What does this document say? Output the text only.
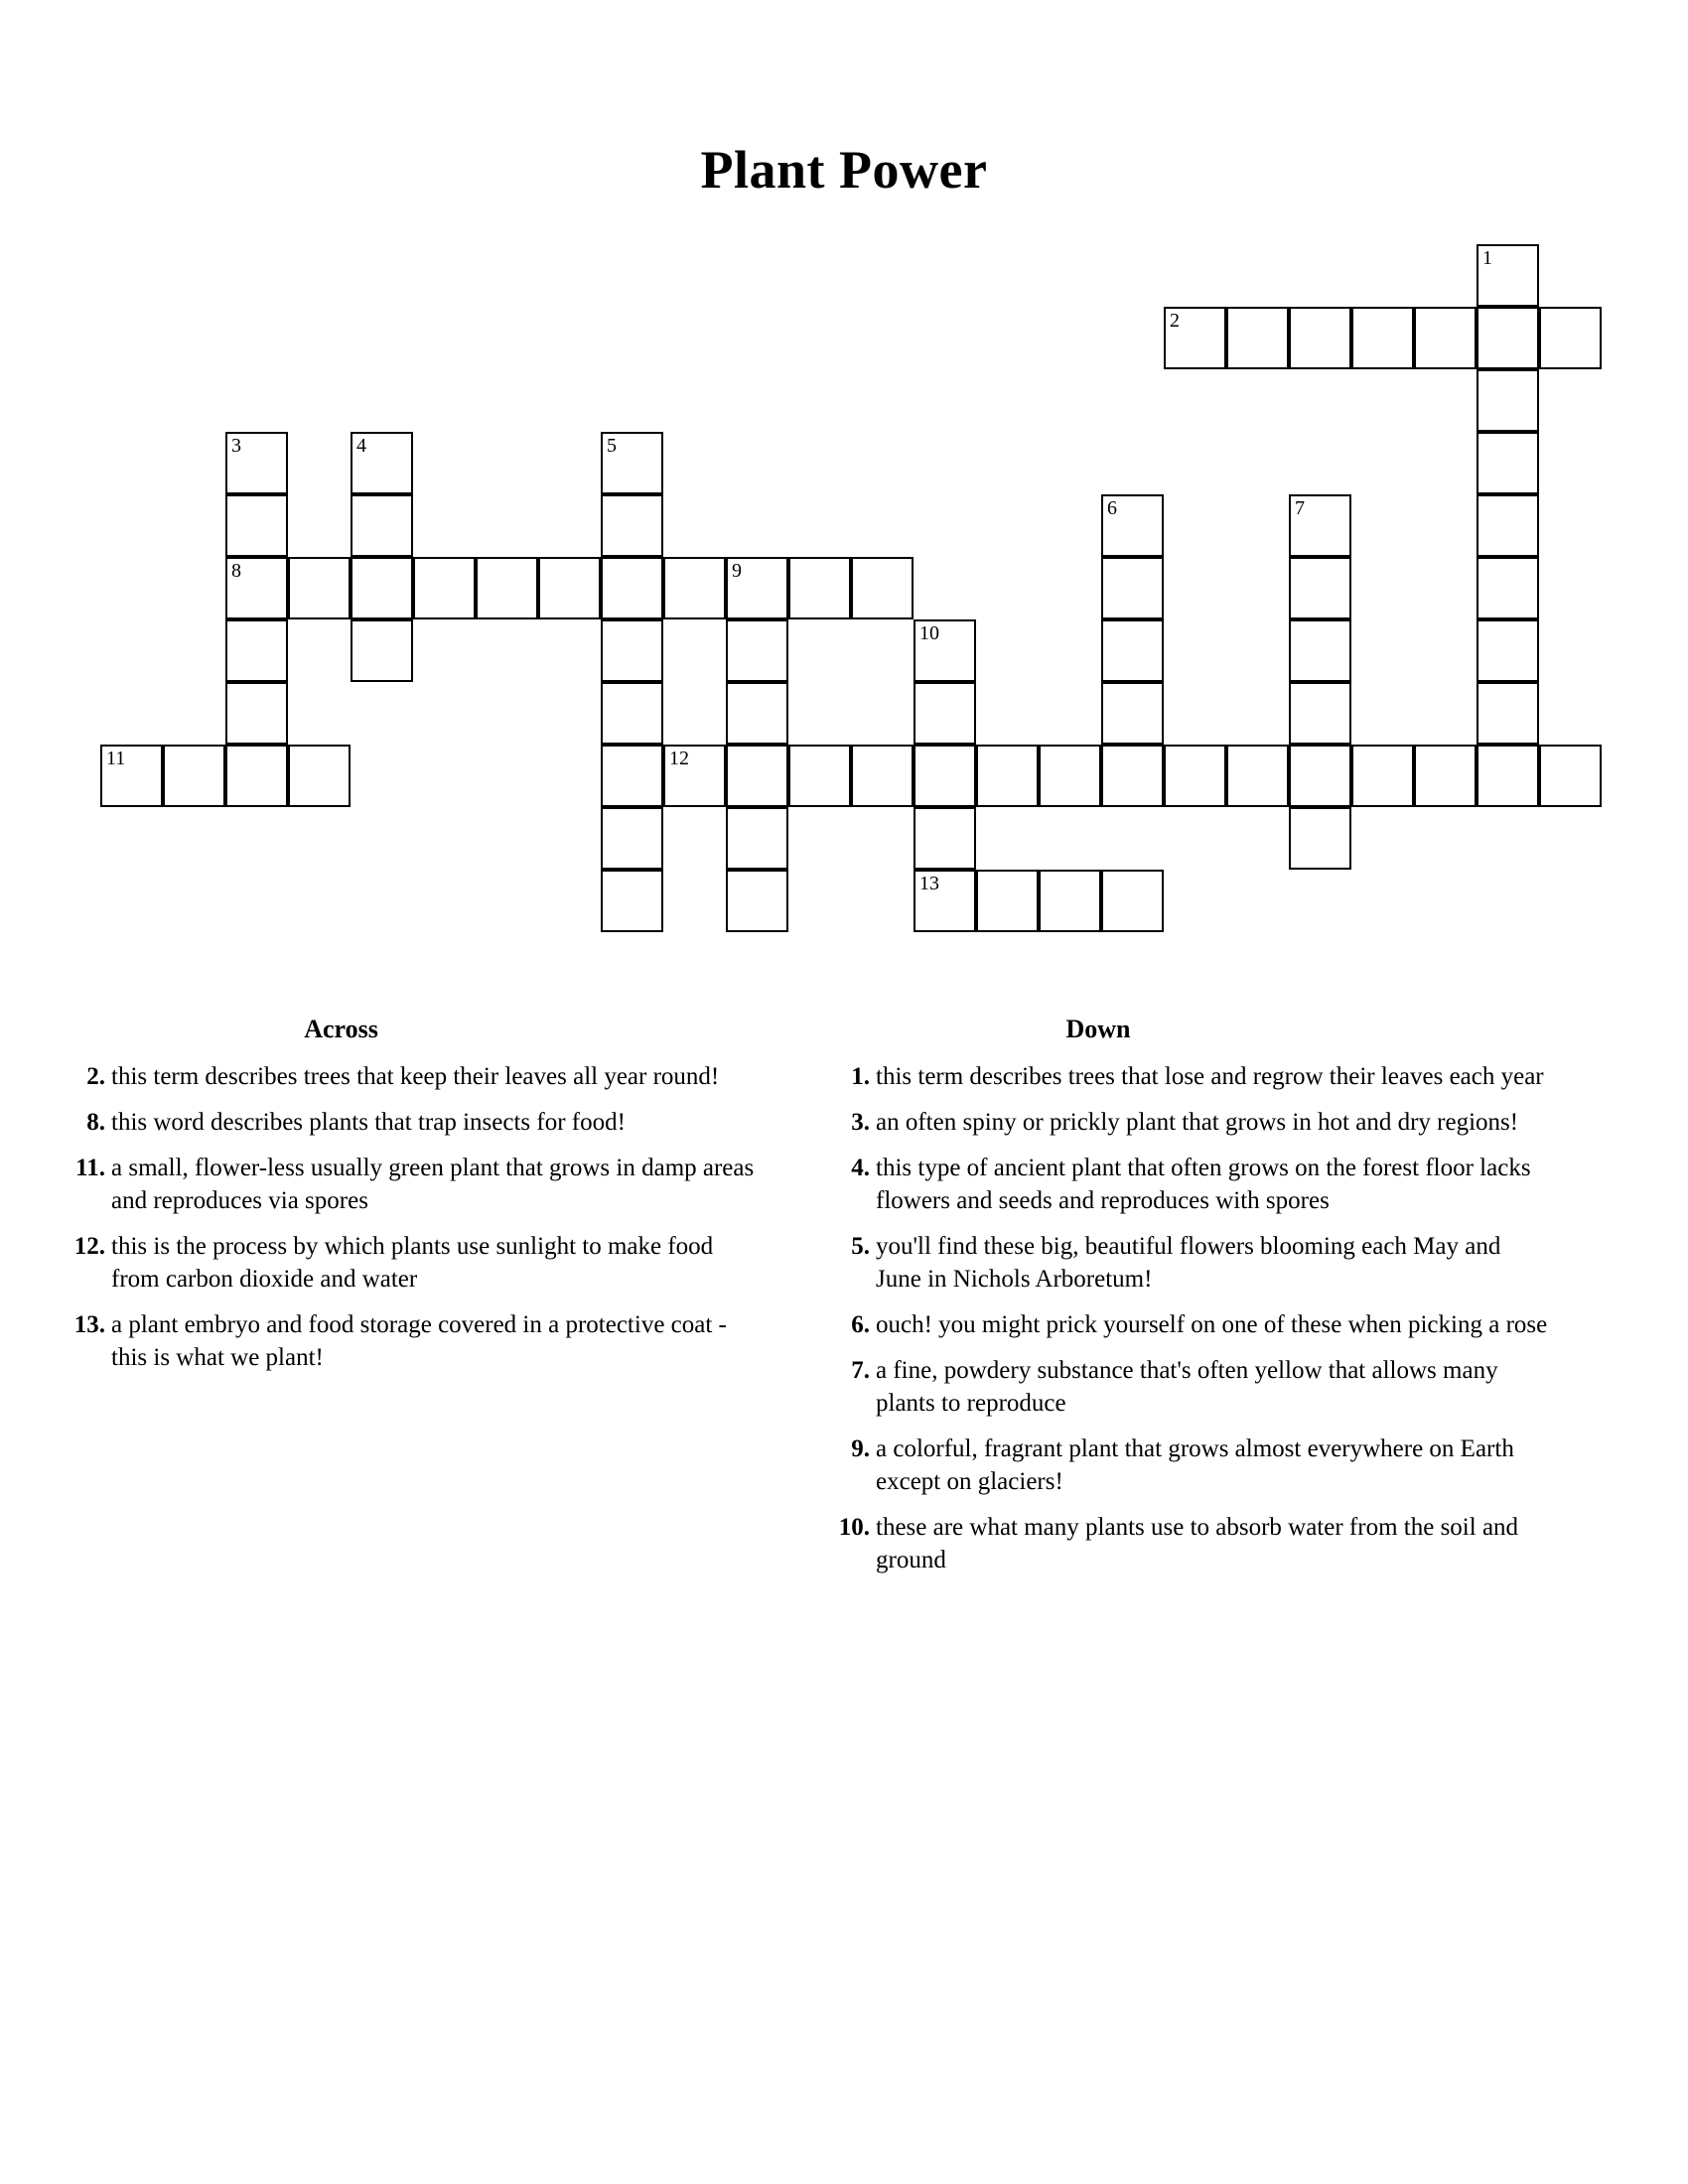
Plant Power
1
2
3	4	5
6	7
8	9
10
11	12
13
Across
2. this term describes trees that keep their leaves all year round!
8. this word describes plants that trap insects for food!
11. a small, flower-less usually green plant that grows in damp areas and reproduces via spores
12. this is the process by which plants use sunlight to make food from carbon dioxide and water
13. a plant embryo and food storage covered in a protective coat - this is what we plant!
Down
1. this term describes trees that lose and regrow their leaves each year
3. an often spiny or prickly plant that grows in hot and dry regions!
4. this type of ancient plant that often grows on the forest floor lacks flowers and seeds and reproduces with spores
5. you'll find these big, beautiful flowers blooming each May and June in Nichols Arboretum!
6. ouch! you might prick yourself on one of these when picking a rose
7. a fine, powdery substance that's often yellow that allows many plants to reproduce
9. a colorful, fragrant plant that grows almost everywhere on Earth except on glaciers!
10. these are what many plants use to absorb water from the soil and ground
